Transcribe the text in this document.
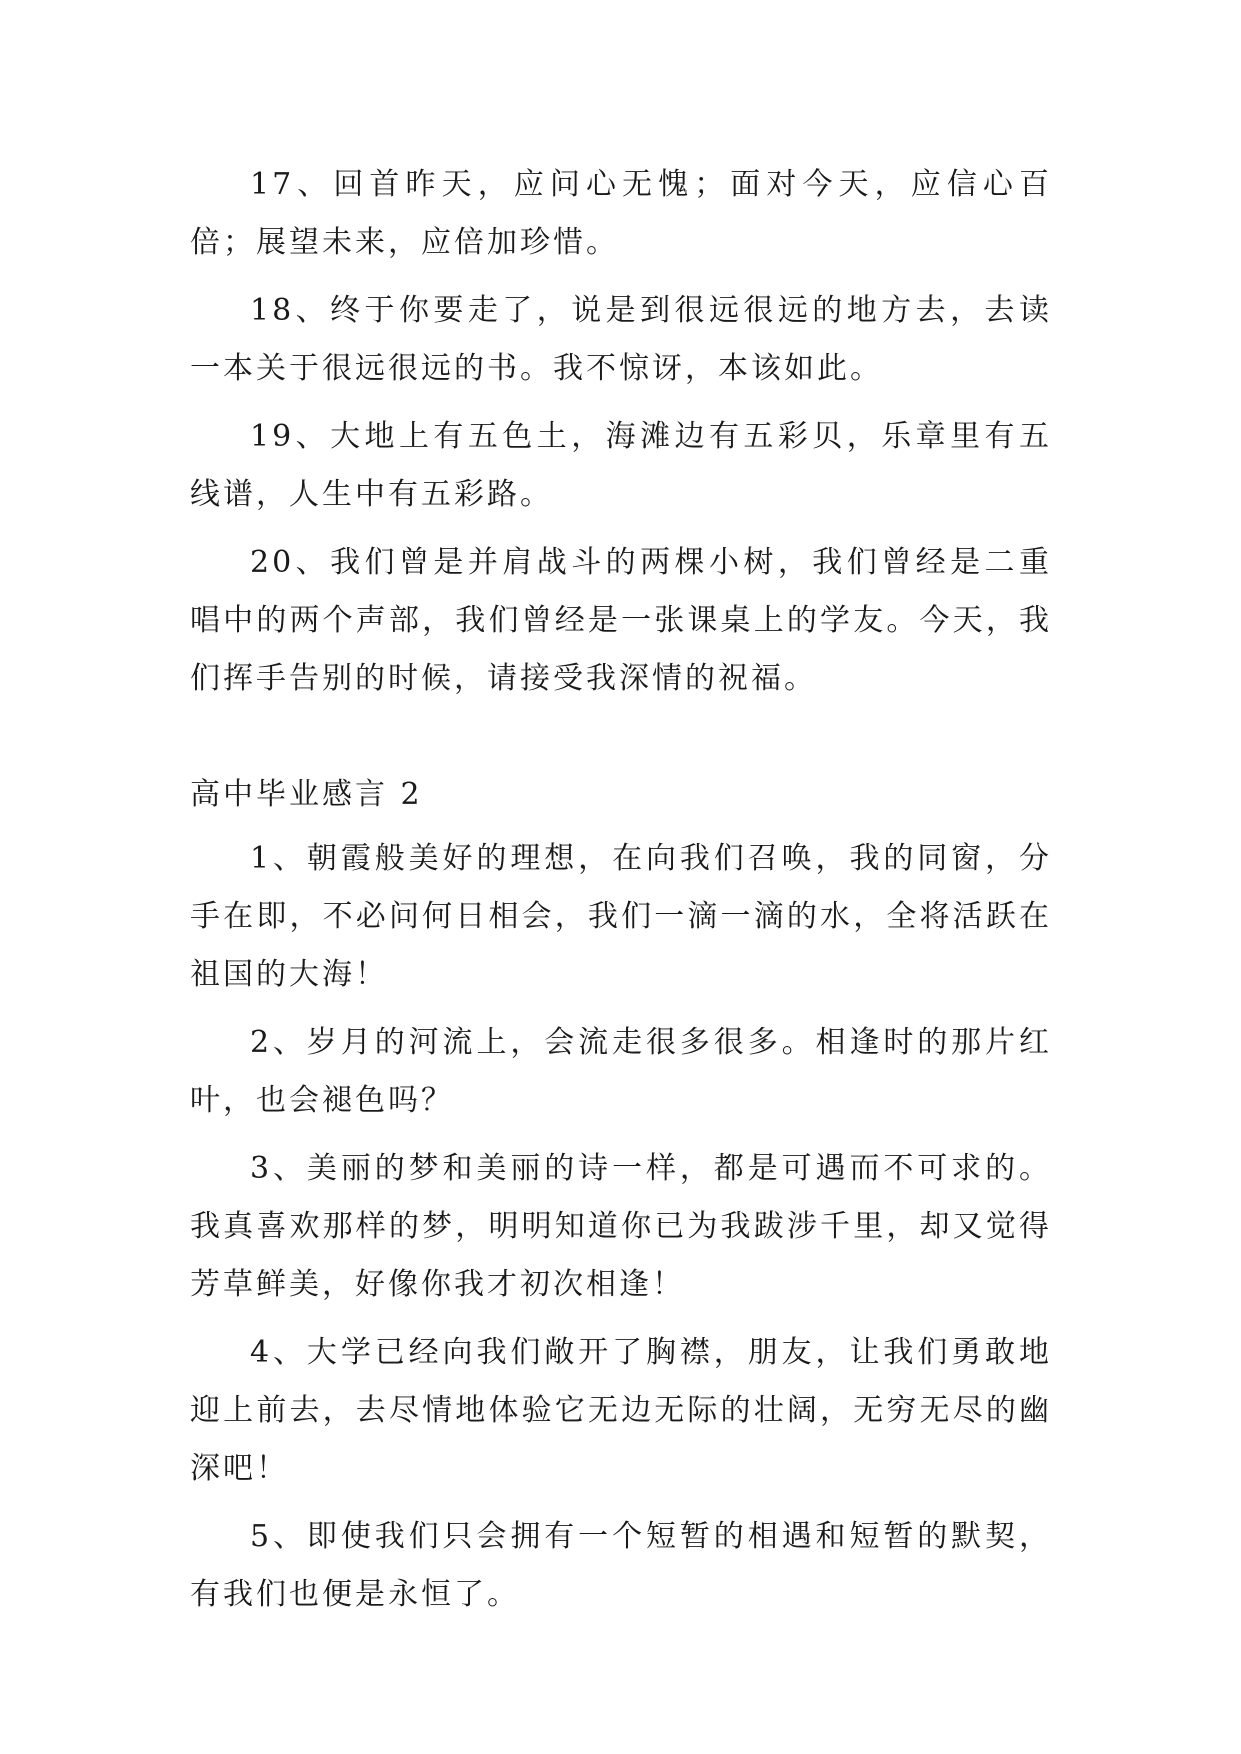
17、回首昨天，应问心无愧；面对今天，应信心百倍；展望未来，应倍加珍惜。

18、终于你要走了，说是到很远很远的地方去，去读一本关于很远很远的书。我不惊讶，本该如此。

19、大地上有五色土，海滩边有五彩贝，乐章里有五线谱，人生中有五彩路。

20、我们曾是并肩战斗的两棵小树，我们曾经是二重唱中的两个声部，我们曾经是一张课桌上的学友。今天，我们挥手告别的时候，请接受我深情的祝福。

高中毕业感言 2

1、朝霞般美好的理想，在向我们召唤，我的同窗，分手在即，不必问何日相会，我们一滴一滴的水，全将活跃在祖国的大海！

2、岁月的河流上，会流走很多很多。相逢时的那片红叶，也会褪色吗？

3、美丽的梦和美丽的诗一样，都是可遇而不可求的。我真喜欢那样的梦，明明知道你已为我跋涉千里，却又觉得芳草鲜美，好像你我才初次相逢！

4、大学已经向我们敞开了胸襟，朋友，让我们勇敢地迎上前去，去尽情地体验它无边无际的壮阔，无穷无尽的幽深吧！

5、即使我们只会拥有一个短暂的相遇和短暂的默契，有我们也便是永恒了。
